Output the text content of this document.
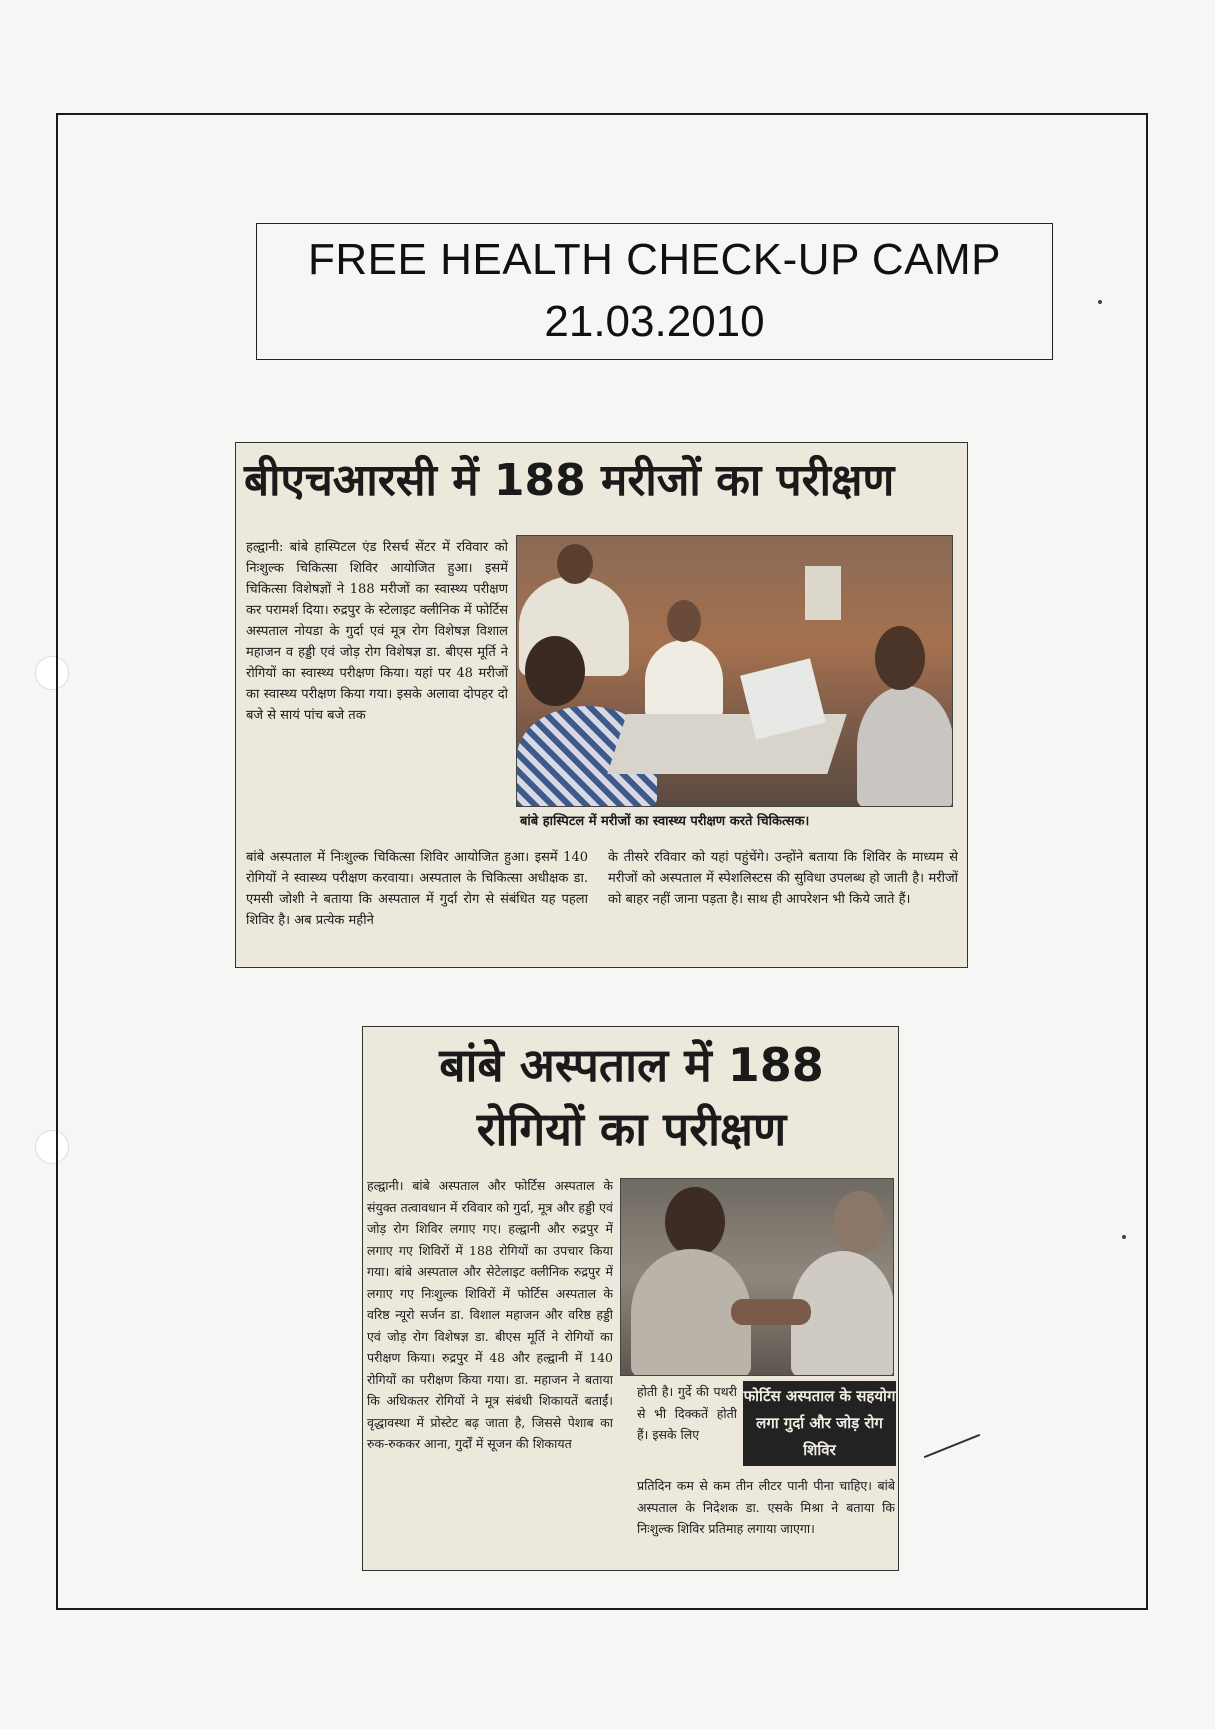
FREE HEALTH CHECK-UP CAMP
21.03.2010
बीएचआरसी में 188 मरीजों का परीक्षण

हल्द्वानी: बांबे हास्पिटल एंड रिसर्च सेंटर में रविवार को निःशुल्क चिकित्सा शिविर आयोजित हुआ। इसमें चिकित्सा विशेषज्ञों ने 188 मरीजों का स्वास्थ्य परीक्षण कर परामर्श दिया। रुद्रपुर के स्टेलाइट क्लीनिक में फोर्टिस अस्पताल नोयडा के गुर्दा एवं मूत्र रोग विशेषज्ञ विशाल महाजन व हड्डी एवं जोड़ रोग विशेषज्ञ डा. बीएस मूर्ति ने रोगियों का स्वास्थ्य परीक्षण किया। यहां पर 48 मरीजों का स्वास्थ्य परीक्षण किया गया। इसके अलावा दोपहर दो बजे से सायं पांच बजे तक

बांबे हास्पिटल में मरीजों का स्वास्थ्य परीक्षण करते चिकित्सक।

बांबे अस्पताल में निःशुल्क चिकित्सा शिविर आयोजित हुआ। इसमें 140 रोगियों ने स्वास्थ्य परीक्षण करवाया। अस्पताल के चिकित्सा अधीक्षक डा. एमसी जोशी ने बताया कि अस्पताल में गुर्दा रोग से संबंधित यह पहला शिविर है। अब प्रत्येक महीने

के तीसरे रविवार को यहां पहुंचेंगे। उन्होंने बताया कि शिविर के माध्यम से मरीजों को अस्पताल में स्पेशलिस्टस की सुविधा उपलब्ध हो जाती है। मरीजों को बाहर नहीं जाना पड़ता है। साथ ही आपरेशन भी किये जाते हैं।

बांबे अस्पताल में 188
रोगियों का परीक्षण

हल्द्वानी। बांबे अस्पताल और फोर्टिस अस्पताल के संयुक्त तत्वावधान में रविवार को गुर्दा, मूत्र और हड्डी एवं जोड़ रोग शिविर लगाए गए। हल्द्वानी और रुद्रपुर में लगाए गए शिविरों में 188 रोगियों का उपचार किया गया। बांबे अस्पताल और सेटेलाइट क्लीनिक रुद्रपुर में लगाए गए निःशुल्क शिविरों में फोर्टिस अस्पताल के वरिष्ठ न्यूरो सर्जन डा. विशाल महाजन और वरिष्ठ हड्डी एवं जोड़ रोग विशेषज्ञ डा. बीएस मूर्ति ने रोगियों का परीक्षण किया। रुद्रपुर में 48 और हल्द्वानी में 140 रोगियों का परीक्षण किया गया। डा. महाजन ने बताया कि अधिकतर रोगियों ने मूत्र संबंधी शिकायतें बताईं। वृद्धावस्था में प्रोस्टेट बढ़ जाता है, जिससे पेशाब का रुक-रुककर आना, गुर्दों में सूजन की शिकायत

होती है। गुर्दे की पथरी से भी दिक्कतें होती हैं। इसके लिए

फोर्टिस अस्पताल के सहयोग लगा गुर्दा और जोड़ रोग शिविर

प्रतिदिन कम से कम तीन लीटर पानी पीना चाहिए। बांबे अस्पताल के निदेशक डा. एसके मिश्रा ने बताया कि निःशुल्क शिविर प्रतिमाह लगाया जाएगा।
